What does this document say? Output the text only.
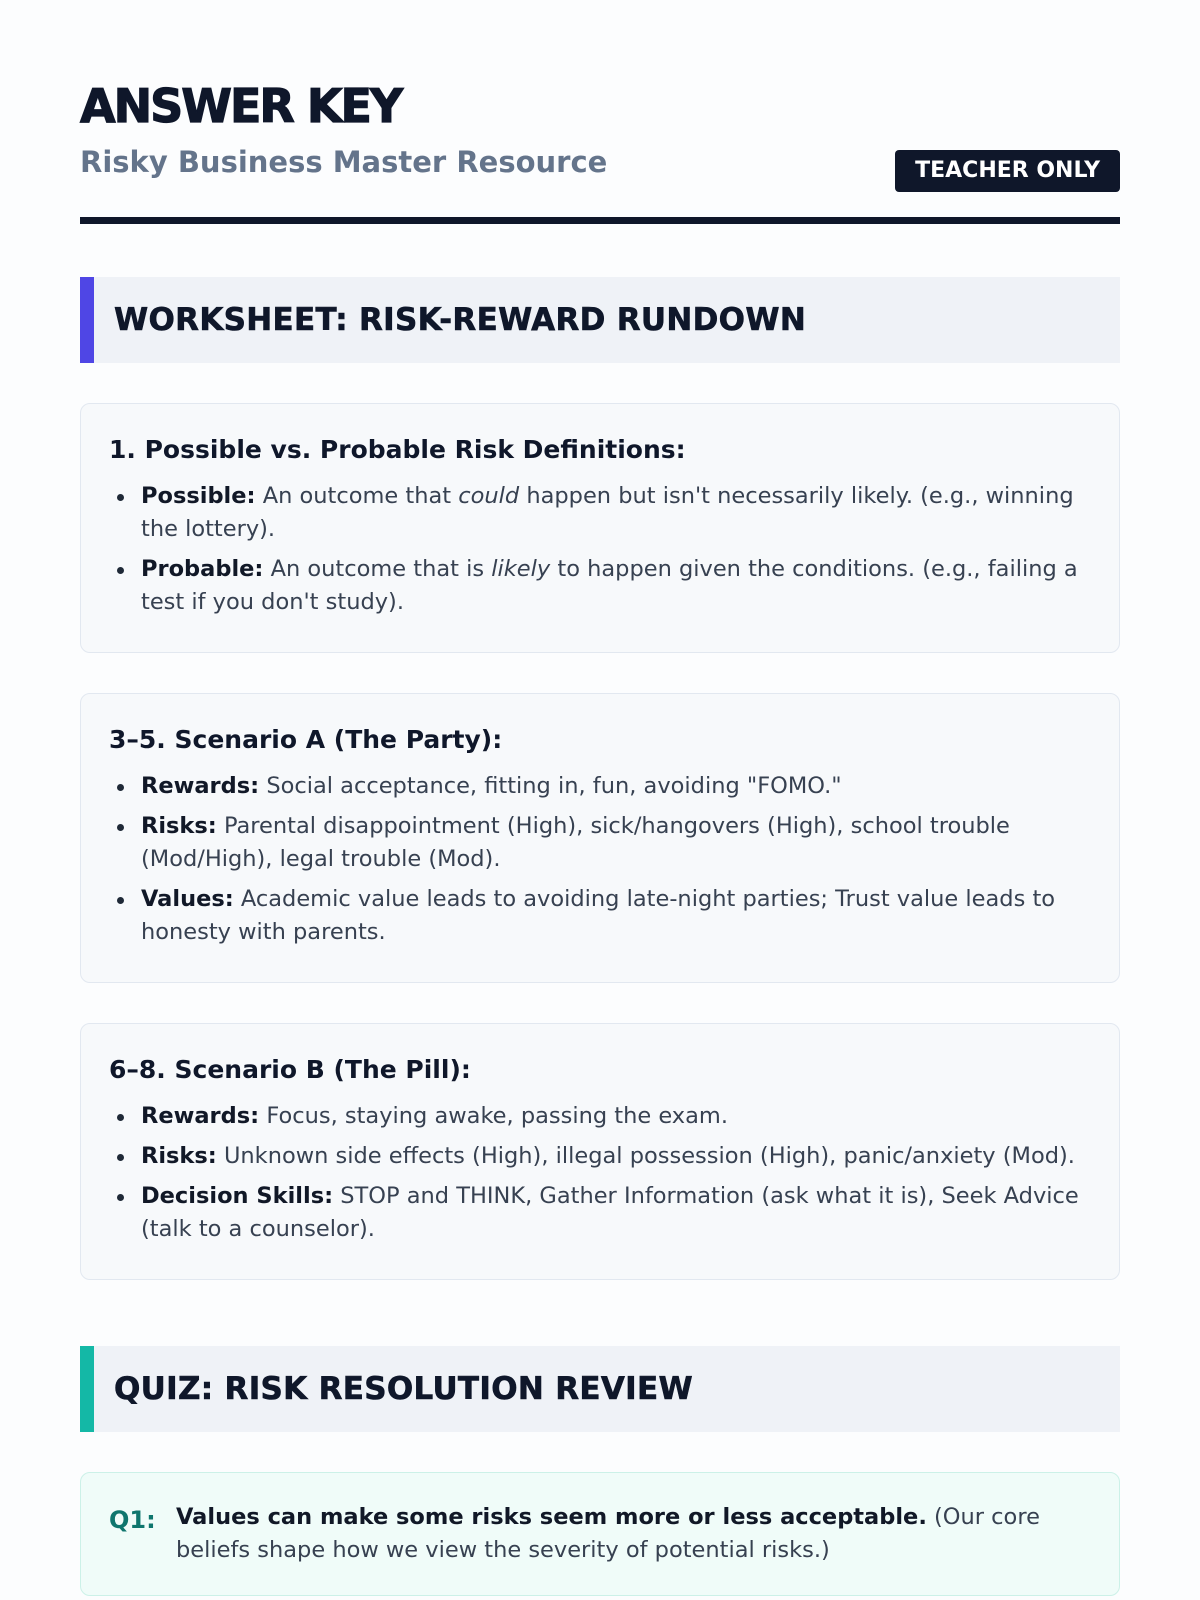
ANSWER KEY
Risky Business Master Resource	TEACHER ONLY
WORKSHEET: RISK-REWARD RUNDOWN
1. Possible vs. Probable Risk Definitions:
Possible: An outcome that could happen but isn't necessarily likely. (e.g., winning the lottery).
Probable: An outcome that is likely to happen given the conditions. (e.g., failing a test if you don't study).
3–5. Scenario A (The Party):
Rewards: Social acceptance, fitting in, fun, avoiding "FOMO."
Risks: Parental disappointment (High), sick/hangovers (High), school trouble (Mod/High), legal trouble (Mod).
Values: Academic value leads to avoiding late-night parties; Trust value leads to honesty with parents.
6–8. Scenario B (The Pill):
Rewards: Focus, staying awake, passing the exam.
Risks: Unknown side effects (High), illegal possession (High), panic/anxiety (Mod).
Decision Skills: STOP and THINK, Gather Information (ask what it is), Seek Advice (talk to a counselor).
QUIZ: RISK RESOLUTION REVIEW
Q1: Values can make some risks seem more or less acceptable. (Our core beliefs shape how we view the severity of potential risks.)
